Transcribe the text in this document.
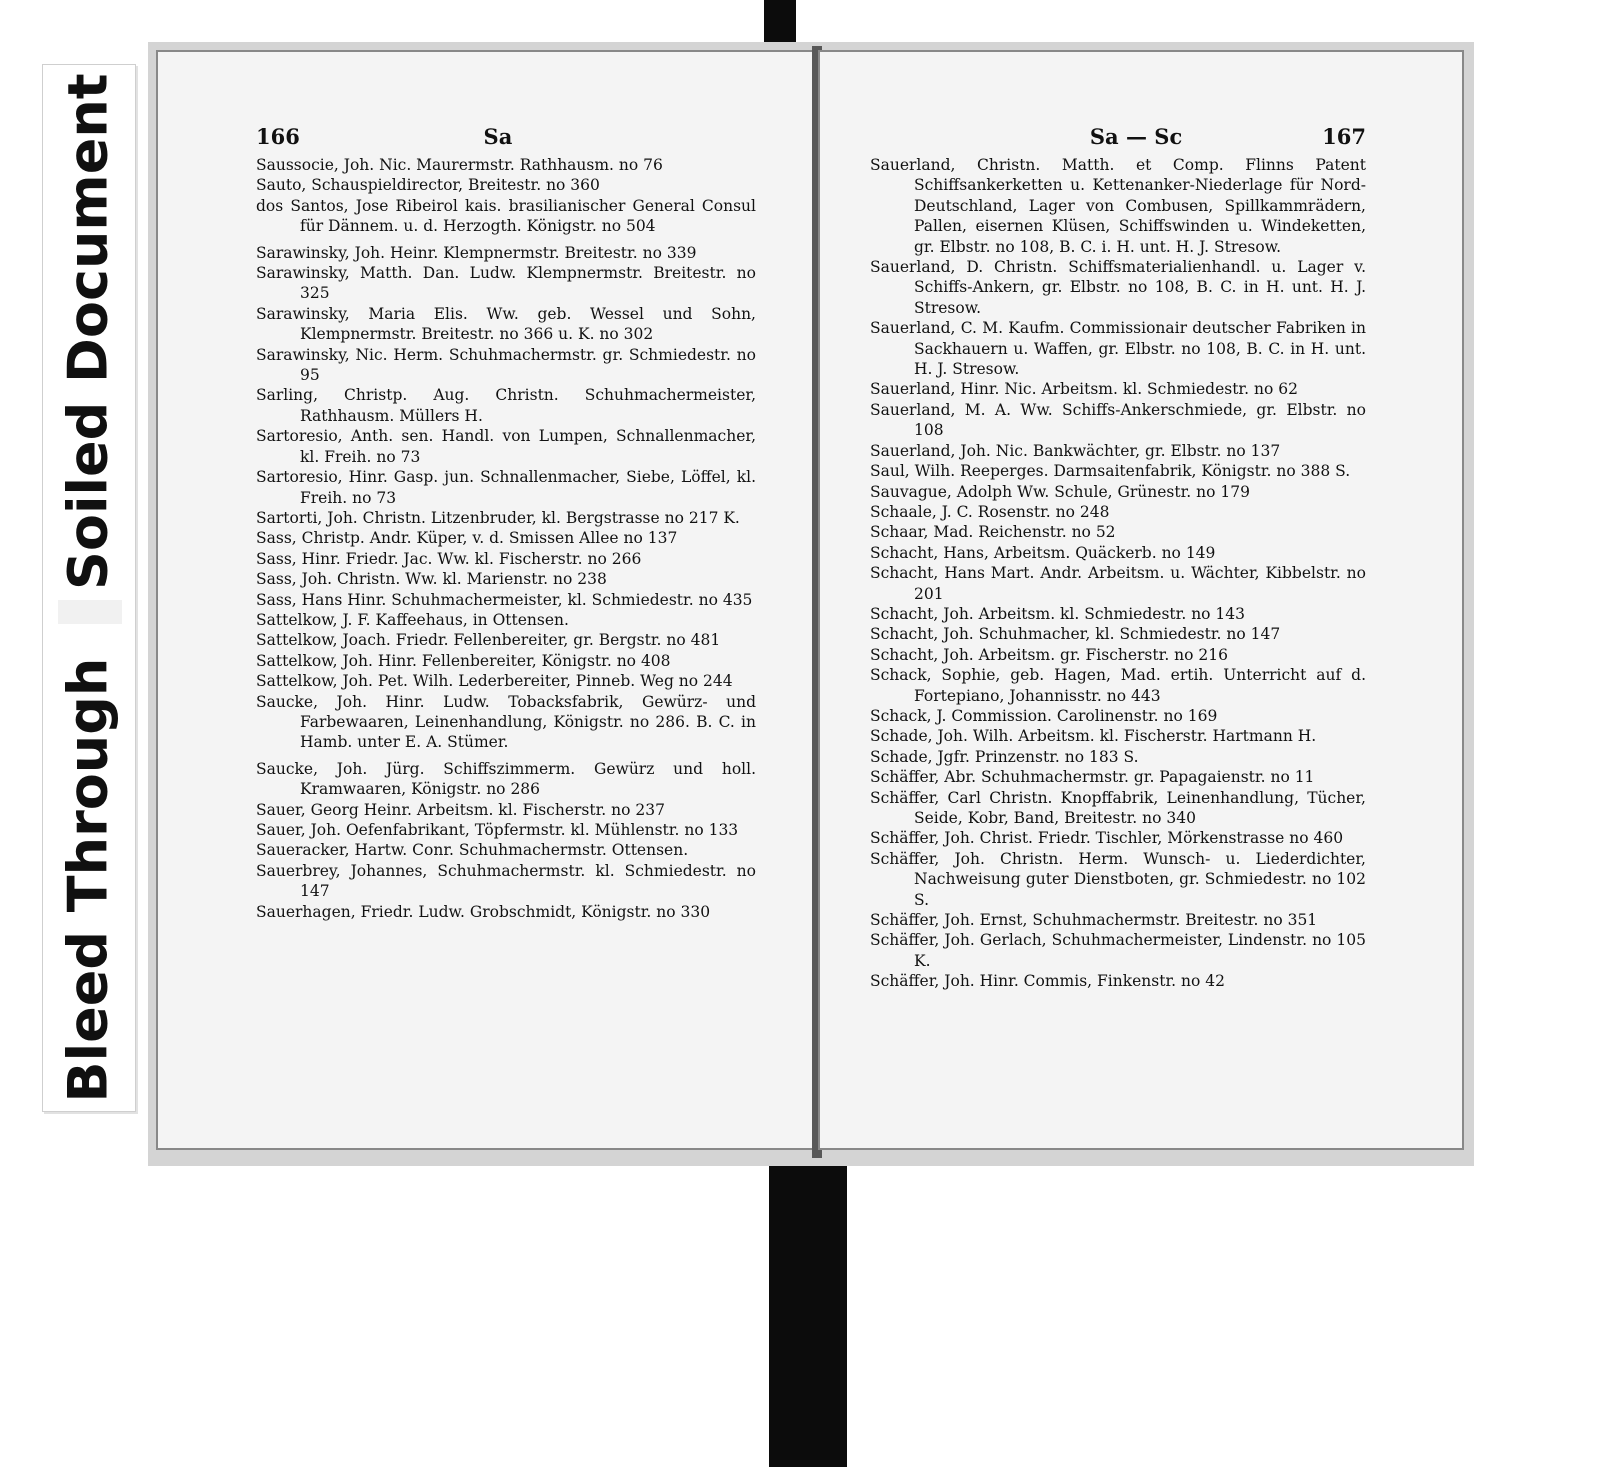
Bleed Through  Soiled Document	166	Sa

Saussocie, Joh. Nic. Maurermstr. Rathhausm. no 76

Sauto, Schauspieldirector, Breitestr. no 360

dos Santos, Jose Ribeirol kais. brasilianischer General Consul für Dännem. u. d. Herzogth. Königstr. no 504

Sarawinsky, Joh. Heinr. Klempnermstr. Breitestr. no 339

Sarawinsky, Matth. Dan. Ludw. Klempnermstr. Breitestr. no 325

Sarawinsky, Maria Elis. Ww. geb. Wessel und Sohn, Klempnermstr. Breitestr. no 366 u. K. no 302

Sarawinsky, Nic. Herm. Schuhmachermstr. gr. Schmiedestr. no 95

Sarling, Christp. Aug. Christn. Schuhmachermeister, Rathhausm. Müllers H.

Sartoresio, Anth. sen. Handl. von Lumpen, Schnallenmacher, kl. Freih. no 73

Sartoresio, Hinr. Gasp. jun. Schnallenmacher, Siebe, Löffel, kl. Freih. no 73

Sartorti, Joh. Christn. Litzenbruder, kl. Bergstrasse no 217 K.

Sass, Christp. Andr. Küper, v. d. Smissen Allee no 137

Sass, Hinr. Friedr. Jac. Ww. kl. Fischerstr. no 266

Sass, Joh. Christn. Ww. kl. Marienstr. no 238

Sass, Hans Hinr. Schuhmachermeister, kl. Schmiedestr. no 435

Sattelkow, J. F. Kaffeehaus, in Ottensen.

Sattelkow, Joach. Friedr. Fellenbereiter, gr. Bergstr. no 481

Sattelkow, Joh. Hinr. Fellenbereiter, Königstr. no 408

Sattelkow, Joh. Pet. Wilh. Lederbereiter, Pinneb. Weg no 244

Saucke, Joh. Hinr. Ludw. Tobacksfabrik, Gewürz- und Farbewaaren, Leinenhandlung, Königstr. no 286. B. C. in Hamb. unter E. A. Stümer.

Saucke, Joh. Jürg. Schiffszimmerm. Gewürz und holl. Kramwaaren, Königstr. no 286

Sauer, Georg Heinr. Arbeitsm. kl. Fischerstr. no 237

Sauer, Joh. Oefenfabrikant, Töpfermstr. kl. Mühlenstr. no 133

Saueracker, Hartw. Conr. Schuhmachermstr. Ottensen.

Sauerbrey, Johannes, Schuhmachermstr. kl. Schmiedestr. no 147

Sauerhagen, Friedr. Ludw. Grobschmidt, Königstr. no 330

Sa — Sc	167

Sauerland, Christn. Matth. et Comp. Flinns Patent Schiffsankerketten u. Kettenanker-Niederlage für Nord-Deutschland, Lager von Combusen, Spillkammrädern, Pallen, eisernen Klüsen, Schiffswinden u. Windeketten, gr. Elbstr. no 108, B. C. i. H. unt. H. J. Stresow.

Sauerland, D. Christn. Schiffsmaterialienhandl. u. Lager v. Schiffs-Ankern, gr. Elbstr. no 108, B. C. in H. unt. H. J. Stresow.

Sauerland, C. M. Kaufm. Commissionair deutscher Fabriken in Sackhauern u. Waffen, gr. Elbstr. no 108, B. C. in H. unt. H. J. Stresow.

Sauerland, Hinr. Nic. Arbeitsm. kl. Schmiedestr. no 62

Sauerland, M. A. Ww. Schiffs-Ankerschmiede, gr. Elbstr. no 108

Sauerland, Joh. Nic. Bankwächter, gr. Elbstr. no 137

Saul, Wilh. Reeperges. Darmsaitenfabrik, Königstr. no 388 S.

Sauvague, Adolph Ww. Schule, Grünestr. no 179

Schaale, J. C. Rosenstr. no 248

Schaar, Mad. Reichenstr. no 52

Schacht, Hans, Arbeitsm. Quäckerb. no 149

Schacht, Hans Mart. Andr. Arbeitsm. u. Wächter, Kibbelstr. no 201

Schacht, Joh. Arbeitsm. kl. Schmiedestr. no 143

Schacht, Joh. Schuhmacher, kl. Schmiedestr. no 147

Schacht, Joh. Arbeitsm. gr. Fischerstr. no 216

Schack, Sophie, geb. Hagen, Mad. ertih. Unterricht auf d. Fortepiano, Johannisstr. no 443

Schack, J. Commission. Carolinenstr. no 169

Schade, Joh. Wilh. Arbeitsm. kl. Fischerstr. Hartmann H.

Schade, Jgfr. Prinzenstr. no 183 S.

Schäffer, Abr. Schuhmachermstr. gr. Papagaienstr. no 11

Schäffer, Carl Christn. Knopffabrik, Leinenhandlung, Tücher, Seide, Kobr, Band, Breitestr. no 340

Schäffer, Joh. Christ. Friedr. Tischler, Mörkenstrasse no 460

Schäffer, Joh. Christn. Herm. Wunsch- u. Liederdichter, Nachweisung guter Dienstboten, gr. Schmiedestr. no 102 S.

Schäffer, Joh. Ernst, Schuhmachermstr. Breitestr. no 351

Schäffer, Joh. Gerlach, Schuhmachermeister, Lindenstr. no 105 K.

Schäffer, Joh. Hinr. Commis, Finkenstr. no 42
